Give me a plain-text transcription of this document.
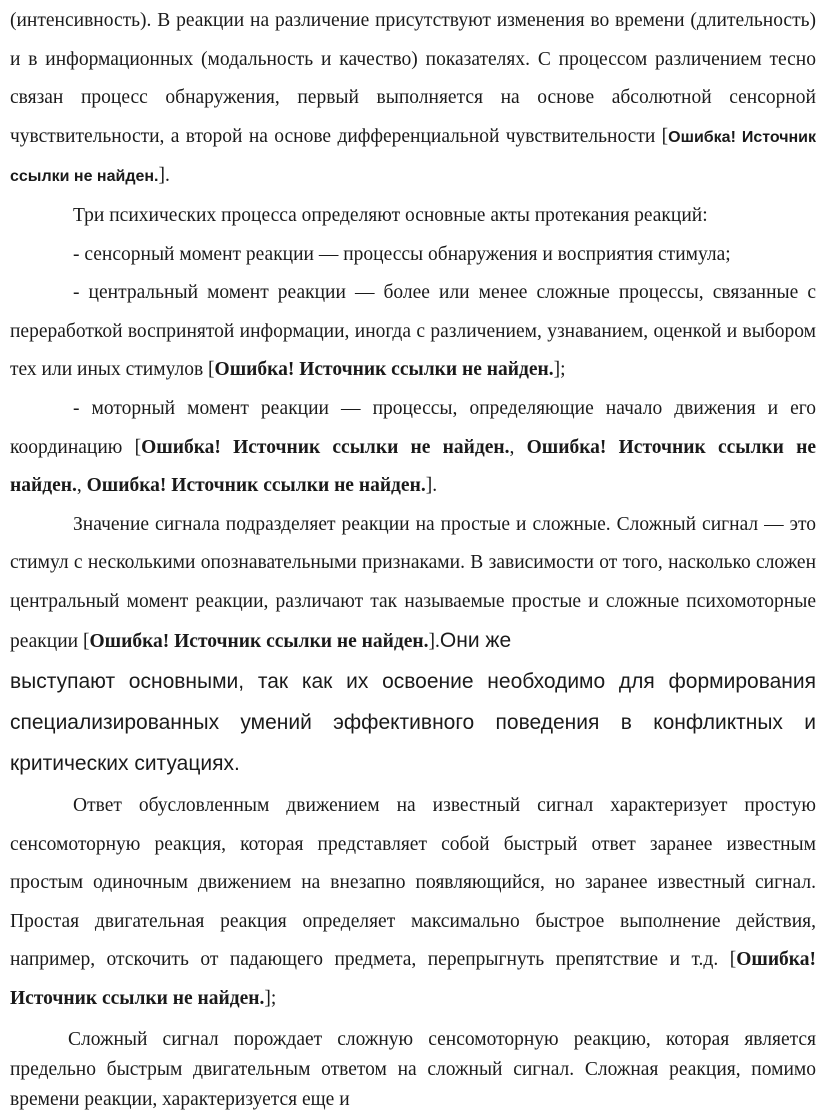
(интенсивность). В реакции на различение присутствуют изменения во времени (длительность) и в информационных (модальность и качество) показателях. С процессом различением тесно связан процесс обнаружения, первый выполняется на основе абсолютной сенсорной чувствительности, а второй на основе дифференциальной чувствительности [Ошибка! Источник ссылки не найден.].

Три психических процесса определяют основные акты протекания реакций:

- сенсорный момент реакции — процессы обнаружения и восприятия стимула;

- центральный момент реакции — более или менее сложные процессы, связанные с переработкой воспринятой информации, иногда с различением, узнаванием, оценкой и выбором тех или иных стимулов [Ошибка! Источник ссылки не найден.];

- моторный момент реакции — процессы, определяющие начало движения и его координацию [Ошибка! Источник ссылки не найден., Ошибка! Источник ссылки не найден., Ошибка! Источник ссылки не найден.].

Значение сигнала подразделяет реакции на простые и сложные. Сложный сигнал — это стимул с несколькими опознавательными признаками. В зависимости от того, насколько сложен центральный момент реакции, различают так называемые простые и сложные психомоторные реакции [Ошибка! Источник ссылки не найден.].Они же

выступают основными, так как их освоение необходимо для формирования специализированных умений эффективного поведения в конфликтных и критических ситуациях.

Ответ обусловленным движением на известный сигнал характеризует простую сенсомоторную реакция, которая представляет собой быстрый ответ заранее известным простым одиночным движением на внезапно появляющийся, но заранее известный сигнал. Простая двигательная реакция определяет максимально быстрое выполнение действия, например, отскочить от падающего предмета, перепрыгнуть препятствие и т.д. [Ошибка! Источник ссылки не найден.];

Сложный сигнал порождает сложную сенсомоторную реакцию, которая является предельно быстрым двигательным ответом на сложный сигнал. Сложная реакция, помимо времени реакции, характеризуется еще и
